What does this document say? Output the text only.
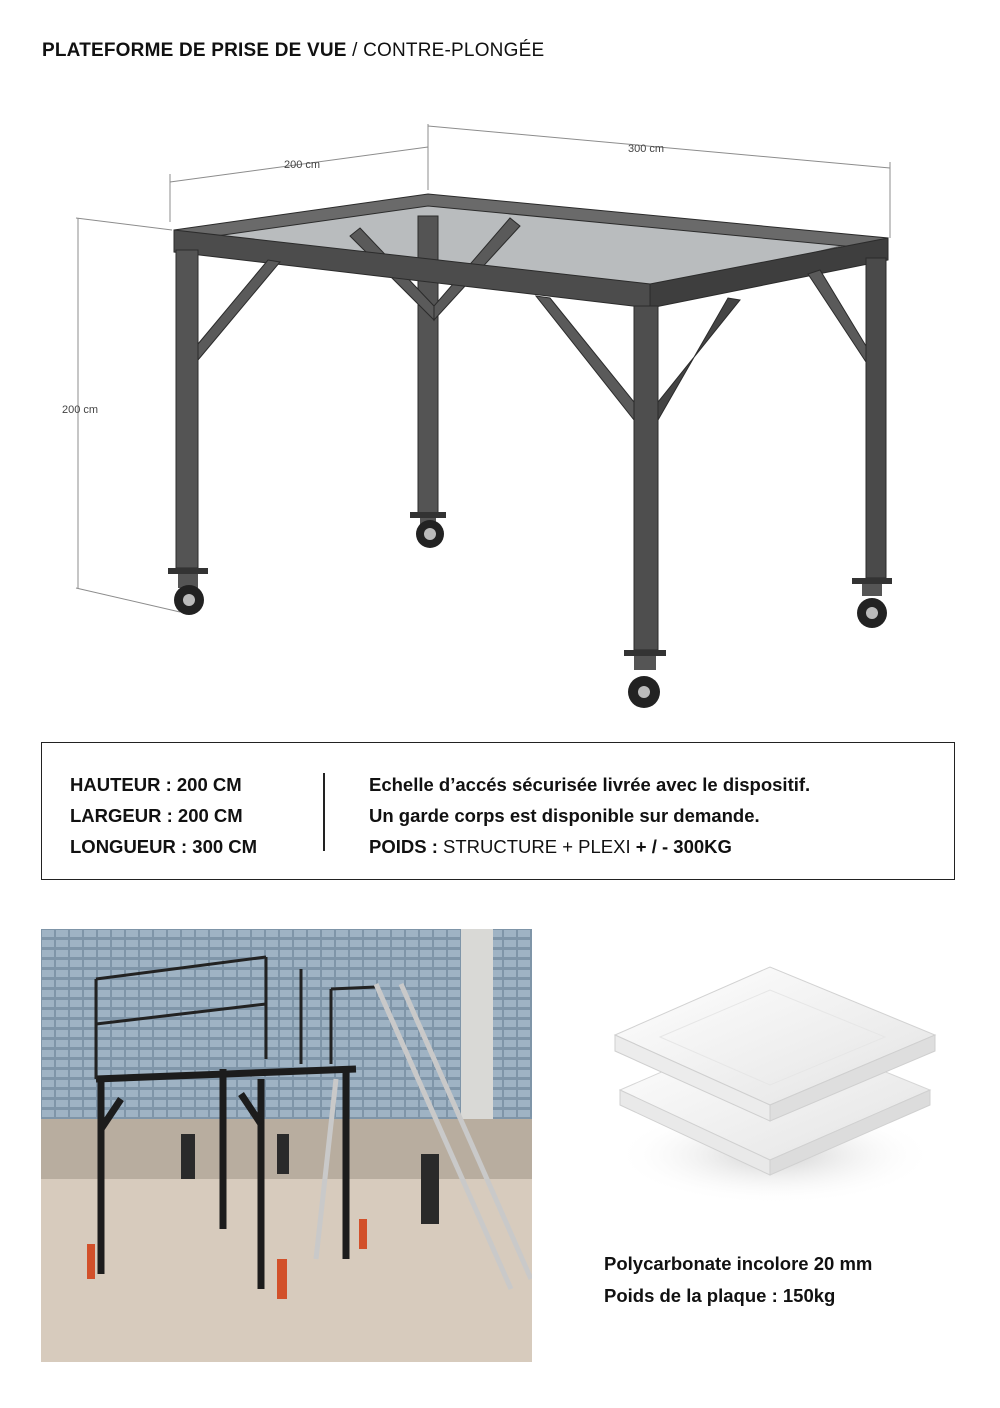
PLATEFORME DE PRISE DE VUE / CONTRE-PLONGÉE
200 cm
300 cm
200 cm
HAUTEUR : 200 CM
LARGEUR : 200 CM
LONGUEUR : 300 CM
Echelle d’accés sécurisée livrée avec le dispositif.
Un garde corps est disponible sur demande.
POIDS : STRUCTURE + PLEXI + / - 300KG
Polycarbonate incolore 20 mm
Poids de la plaque : 150kg
